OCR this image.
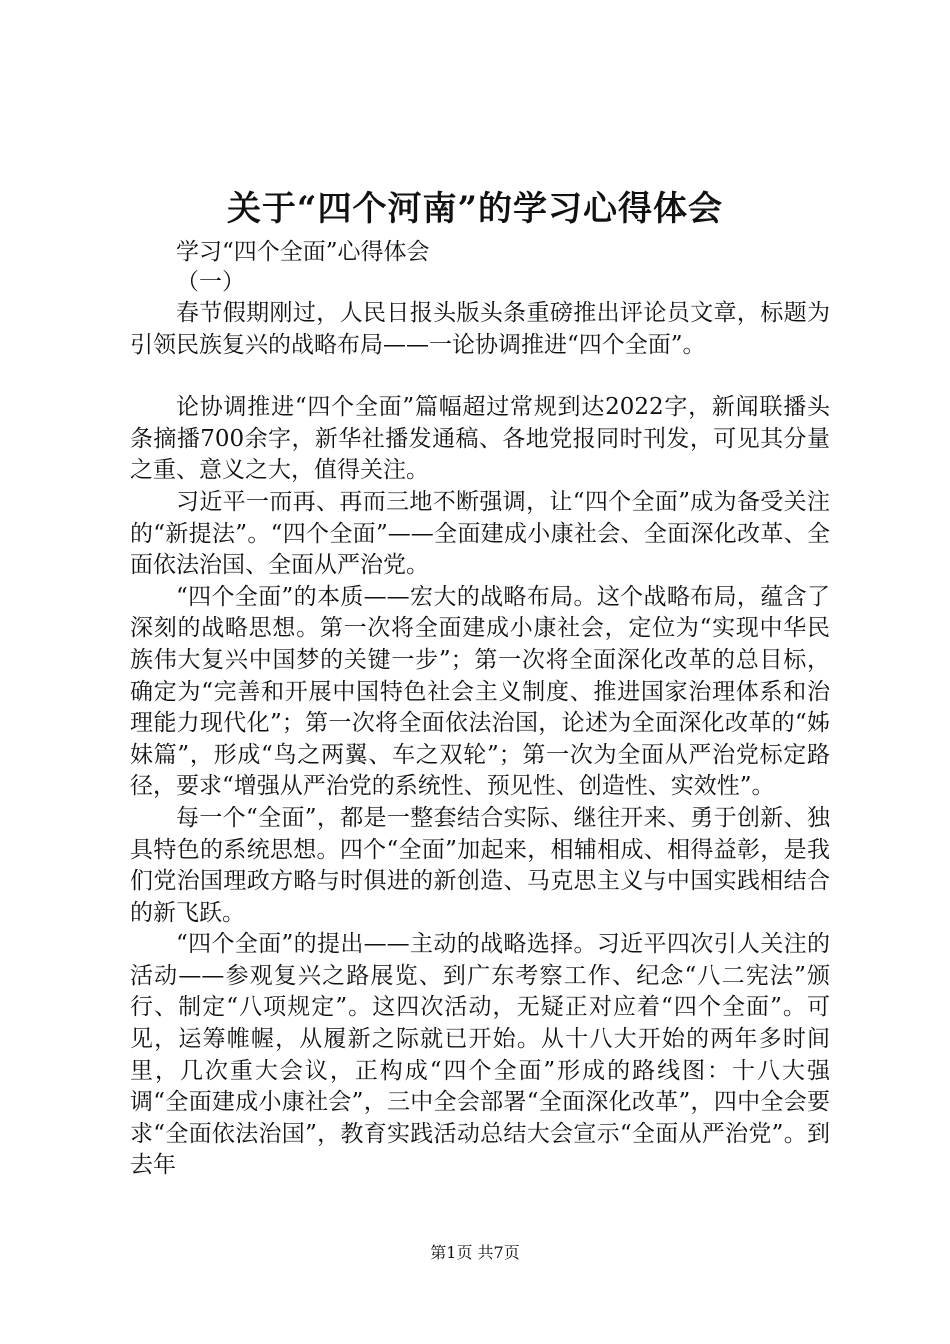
关于“四个河南”的学习心得体会

学习“四个全面”心得体会

（一）

春节假期刚过，人民日报头版头条重磅推出评论员文章，标题为引领民族复兴的战略布局——一论协调推进“四个全面”。

论协调推进“四个全面”篇幅超过常规到达2022字，新闻联播头条摘播700余字，新华社播发通稿、各地党报同时刊发，可见其分量之重、意义之大，值得关注。

习近平一而再、再而三地不断强调，让“四个全面”成为备受关注的“新提法”。“四个全面”——全面建成小康社会、全面深化改革、全面依法治国、全面从严治党。

“四个全面”的本质——宏大的战略布局。这个战略布局，蕴含了深刻的战略思想。第一次将全面建成小康社会，定位为“实现中华民族伟大复兴中国梦的关键一步”；第一次将全面深化改革的总目标，确定为“完善和开展中国特色社会主义制度、推进国家治理体系和治理能力现代化”；第一次将全面依法治国，论述为全面深化改革的“姊妹篇”，形成“鸟之两翼、车之双轮”；第一次为全面从严治党标定路径，要求“增强从严治党的系统性、预见性、创造性、实效性”。

每一个“全面”，都是一整套结合实际、继往开来、勇于创新、独具特色的系统思想。四个“全面”加起来，相辅相成、相得益彰，是我们党治国理政方略与时俱进的新创造、马克思主义与中国实践相结合的新飞跃。

“四个全面”的提出——主动的战略选择。习近平四次引人关注的活动——参观复兴之路展览、到广东考察工作、纪念“八二宪法”颁行、制定“八项规定”。这四次活动，无疑正对应着“四个全面”。可见，运筹帷幄，从履新之际就已开始。从十八大开始的两年多时间里，几次重大会议，正构成“四个全面”形成的路线图：十八大强调“全面建成小康社会”，三中全会部署“全面深化改革”，四中全会要求“全面依法治国”，教育实践活动总结大会宣示“全面从严治党”。到去年

第1页 共7页
